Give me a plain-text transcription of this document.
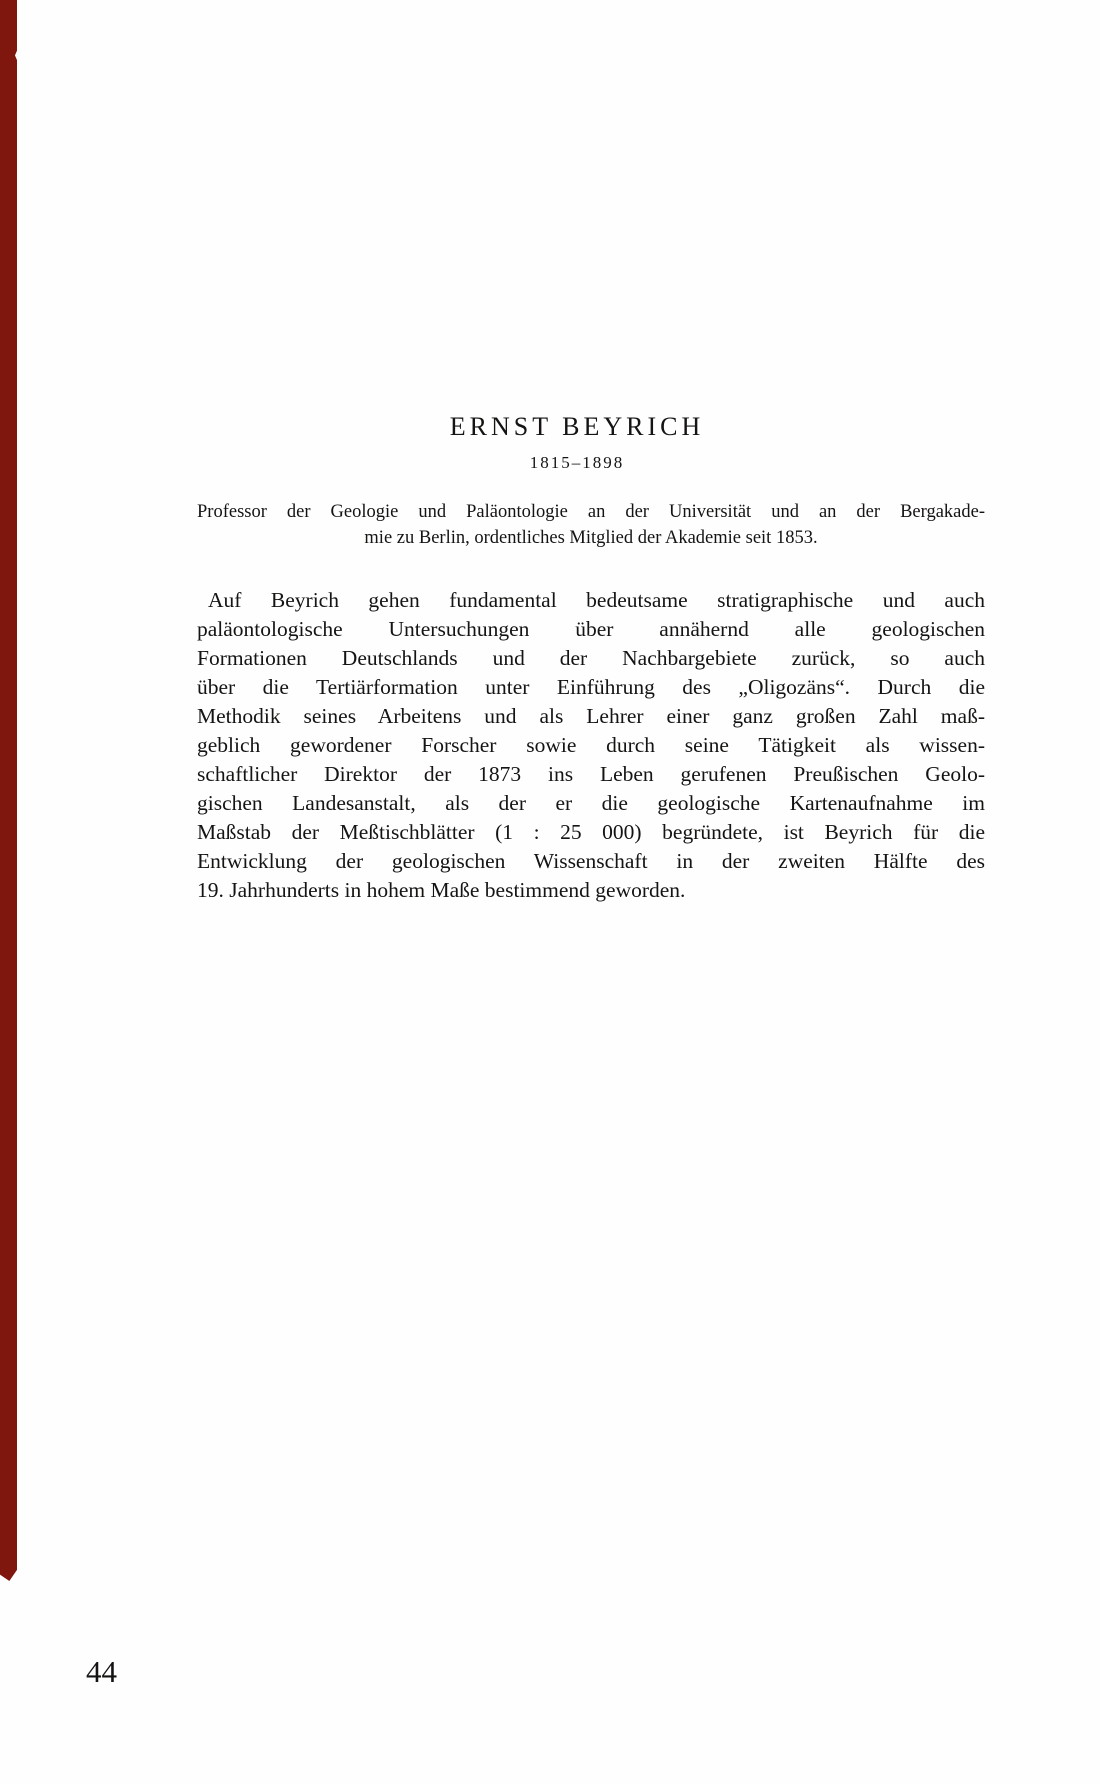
ERNST BEYRICH
1815–1898
Professor der Geologie und Paläontologie an der Universität und an der Bergakade-
mie zu Berlin, ordentliches Mitglied der Akademie seit 1853.
Auf Beyrich gehen fundamental bedeutsame stratigraphische und auch
paläontologische Untersuchungen über annähernd alle geologischen
Formationen Deutschlands und der Nachbargebiete zurück, so auch
über die Tertiärformation unter Einführung des „Oligozäns“. Durch die
Methodik seines Arbeitens und als Lehrer einer ganz großen Zahl maß-
geblich gewordener Forscher sowie durch seine Tätigkeit als wissen-
schaftlicher Direktor der 1873 ins Leben gerufenen Preußischen Geolo-
gischen Landesanstalt, als der er die geologische Kartenaufnahme im
Maßstab der Meßtischblätter (1 : 25 000) begründete, ist Beyrich für die
Entwicklung der geologischen Wissenschaft in der zweiten Hälfte des
19. Jahrhunderts in hohem Maße bestimmend geworden.
44
